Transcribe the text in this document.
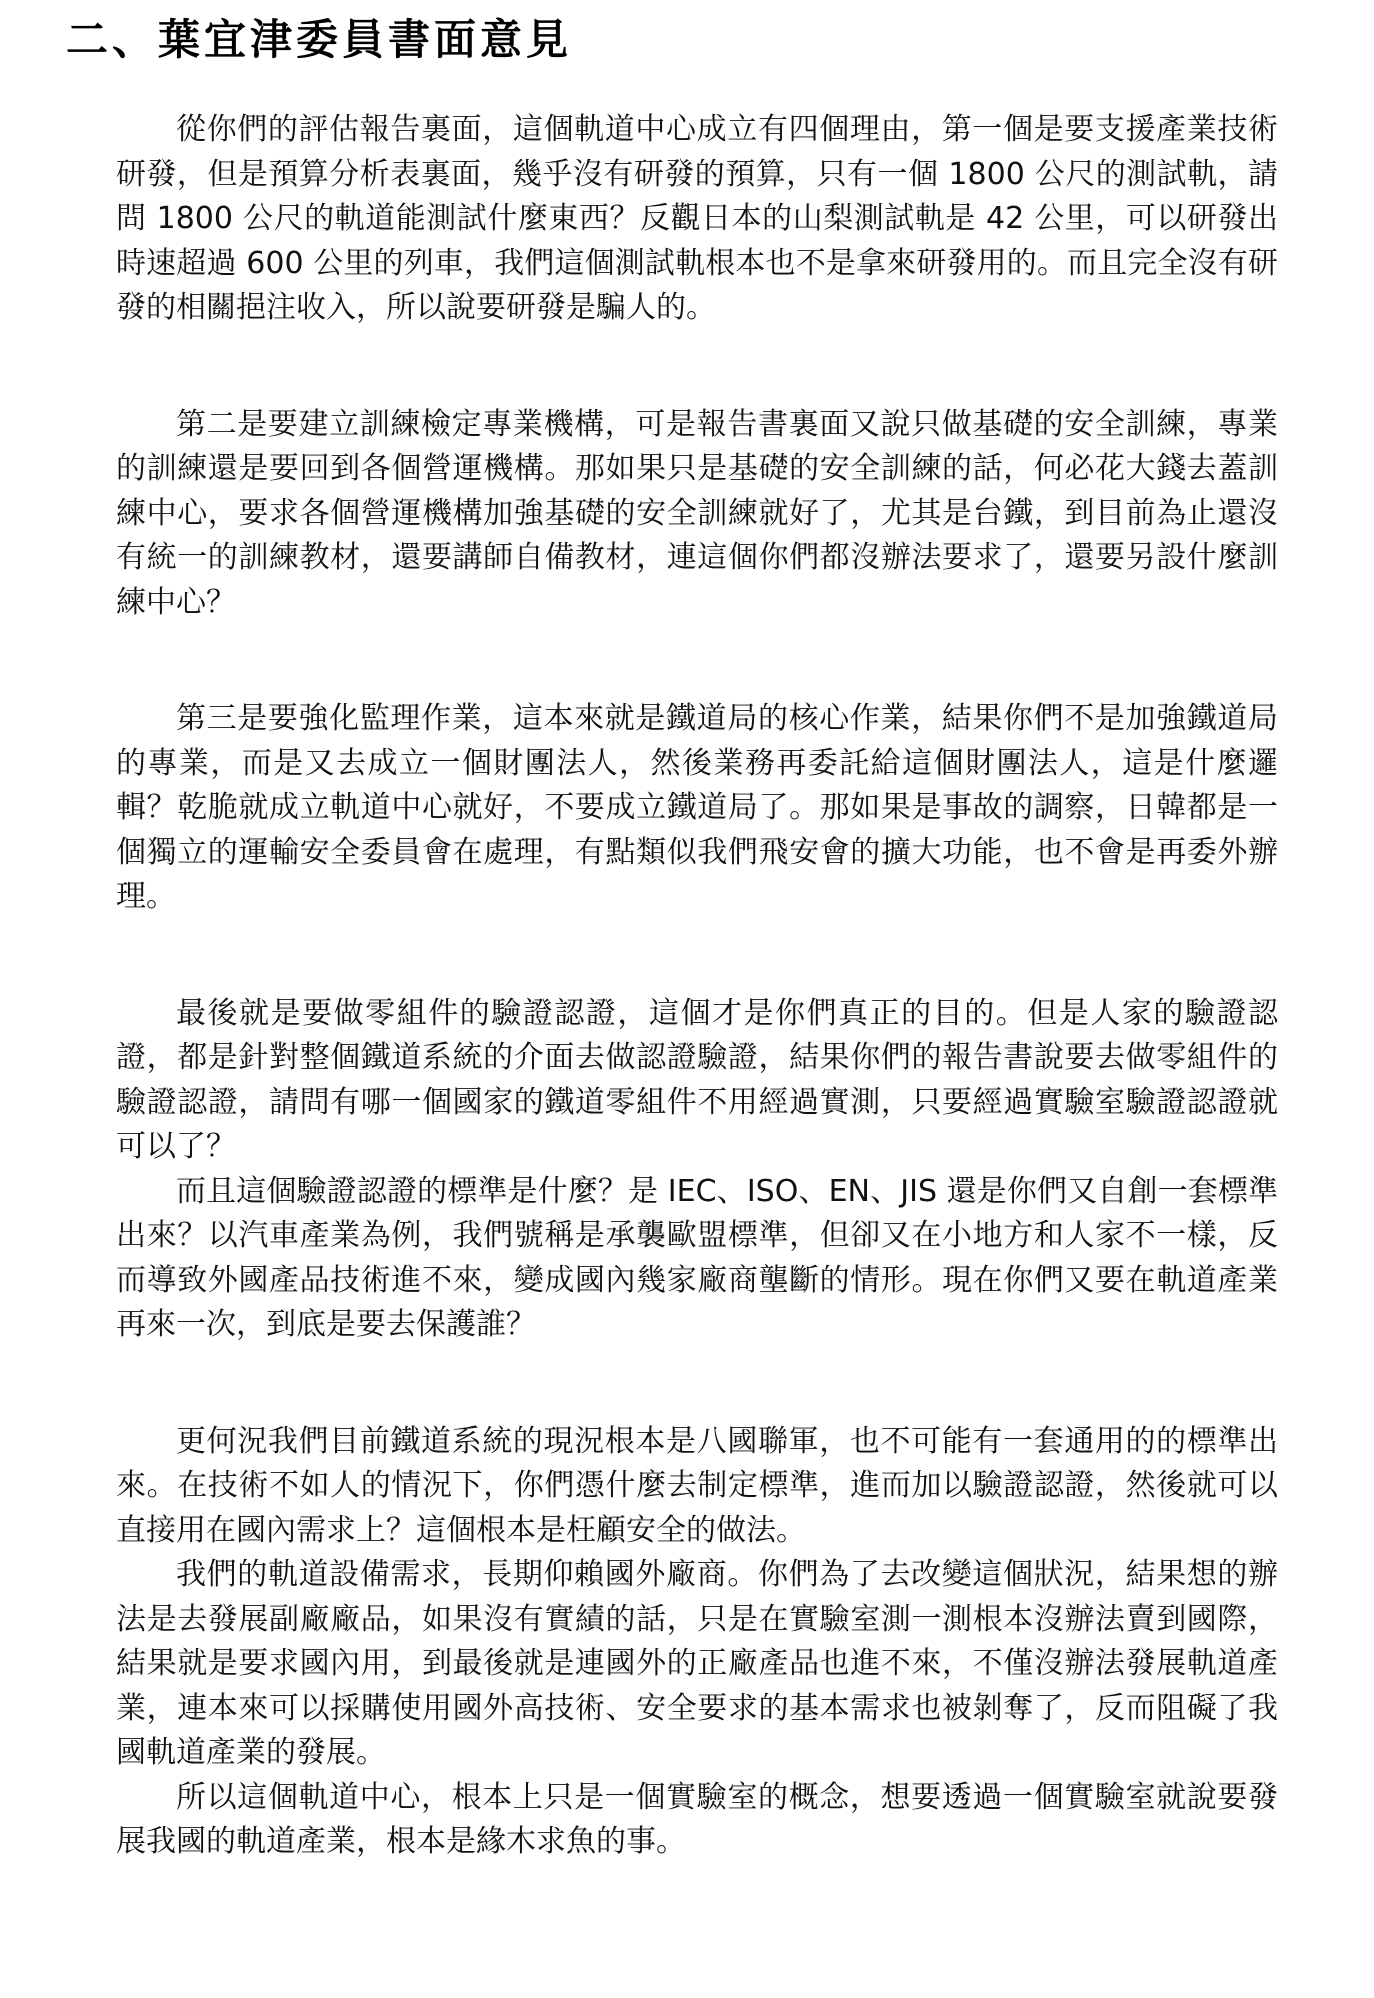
二、葉宜津委員書面意見

從你們的評估報告裏面，這個軌道中心成立有四個理由，第一個是要支援產業技術研發，但是預算分析表裏面，幾乎沒有研發的預算，只有一個 1800 公尺的測試軌，請問 1800 公尺的軌道能測試什麼東西？反觀日本的山梨測試軌是 42 公里，可以研發出時速超過 600 公里的列車，我們這個測試軌根本也不是拿來研發用的。而且完全沒有研發的相關挹注收入，所以說要研發是騙人的。

第二是要建立訓練檢定專業機構，可是報告書裏面又說只做基礎的安全訓練，專業的訓練還是要回到各個營運機構。那如果只是基礎的安全訓練的話，何必花大錢去蓋訓練中心，要求各個營運機構加強基礎的安全訓練就好了，尤其是台鐵，到目前為止還沒有統一的訓練教材，還要講師自備教材，連這個你們都沒辦法要求了，還要另設什麼訓練中心？

第三是要強化監理作業，這本來就是鐵道局的核心作業，結果你們不是加強鐵道局的專業，而是又去成立一個財團法人，然後業務再委託給這個財團法人，這是什麼邏輯？乾脆就成立軌道中心就好，不要成立鐵道局了。那如果是事故的調察，日韓都是一個獨立的運輸安全委員會在處理，有點類似我們飛安會的擴大功能，也不會是再委外辦理。

最後就是要做零組件的驗證認證，這個才是你們真正的目的。但是人家的驗證認證，都是針對整個鐵道系統的介面去做認證驗證，結果你們的報告書說要去做零組件的驗證認證，請問有哪一個國家的鐵道零組件不用經過實測，只要經過實驗室驗證認證就可以了？

而且這個驗證認證的標準是什麼？是 IEC、ISO、EN、JIS 還是你們又自創一套標準出來？以汽車產業為例，我們號稱是承襲歐盟標準，但卻又在小地方和人家不一樣，反而導致外國產品技術進不來，變成國內幾家廠商壟斷的情形。現在你們又要在軌道產業再來一次，到底是要去保護誰？

更何況我們目前鐵道系統的現況根本是八國聯軍，也不可能有一套通用的的標準出來。在技術不如人的情況下，你們憑什麼去制定標準，進而加以驗證認證，然後就可以直接用在國內需求上？這個根本是枉顧安全的做法。

我們的軌道設備需求，長期仰賴國外廠商。你們為了去改變這個狀況，結果想的辦法是去發展副廠廠品，如果沒有實績的話，只是在實驗室測一測根本沒辦法賣到國際，結果就是要求國內用，到最後就是連國外的正廠產品也進不來，不僅沒辦法發展軌道產業，連本來可以採購使用國外高技術、安全要求的基本需求也被剝奪了，反而阻礙了我國軌道產業的發展。

所以這個軌道中心，根本上只是一個實驗室的概念，想要透過一個實驗室就說要發展我國的軌道產業，根本是緣木求魚的事。
